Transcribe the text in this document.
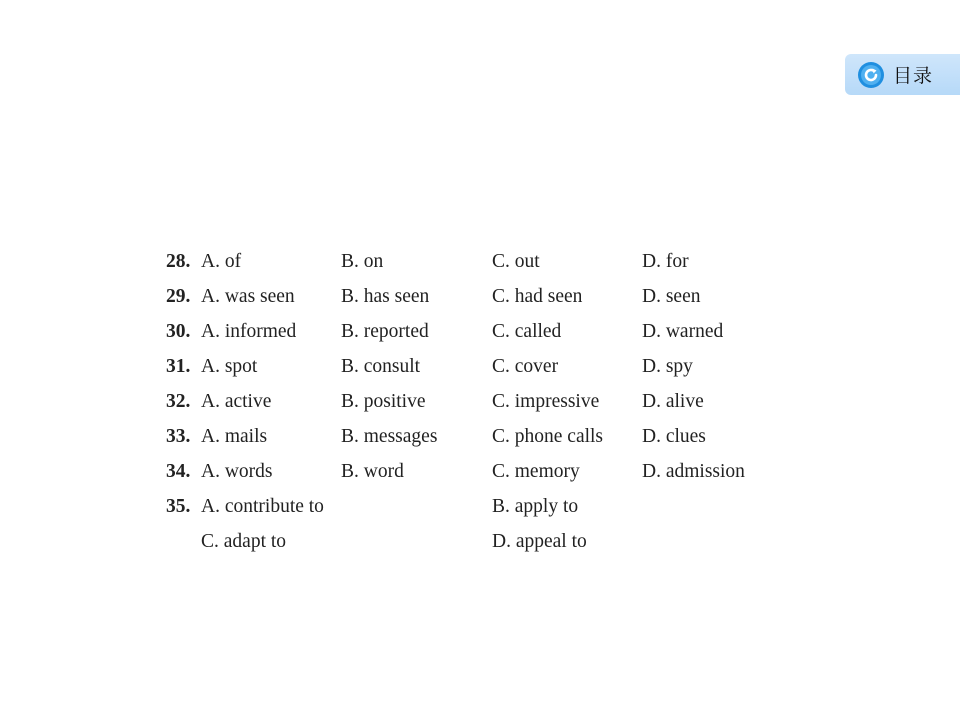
目录
28. A. of	B. on	C. out	D. for
29. A. was seen B. has seen	C. had seen	D. seen
30. A. informed B. reported	C. called	D. warned
31. A. spot	B. consult	C. cover	D. spy
32. A. active	B. positive	C. impressive D. alive
33. A. mails	B. messages	C. phone calls D. clues
34. A. words	B. word	C. memory	D. admission
35. A. contribute to	B. apply to
C. adapt to	D. appeal to
